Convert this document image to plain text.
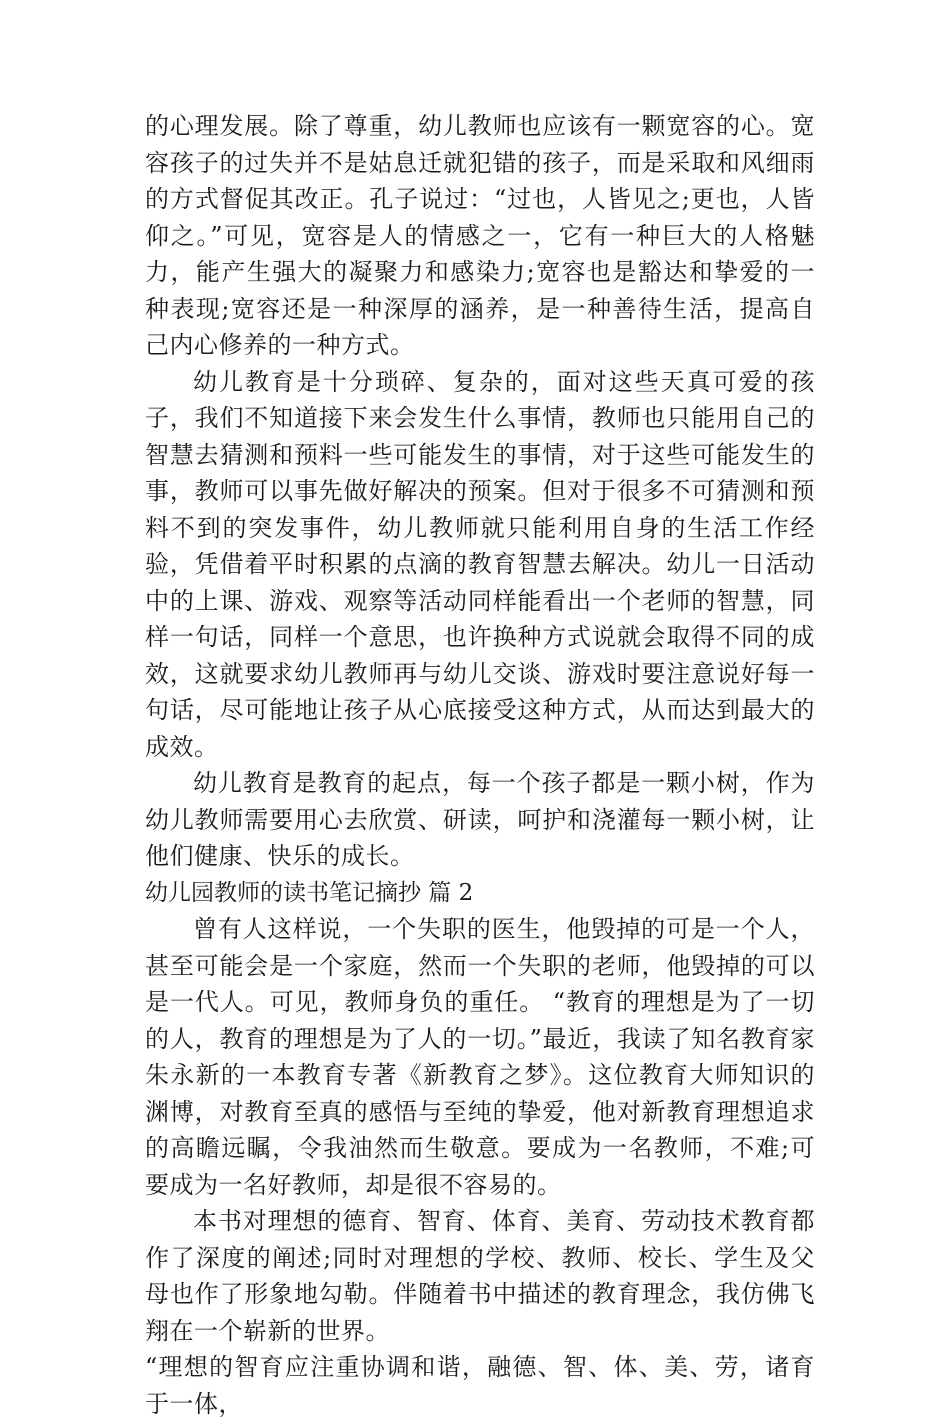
的心理发展。除了尊重，幼儿教师也应该有一颗宽容的心。宽容孩子的过失并不是姑息迁就犯错的孩子，而是采取和风细雨的方式督促其改正。孔子说过：“过也，人皆见之;更也，人皆仰之。”可见，宽容是人的情感之一，它有一种巨大的人格魅力，能产生强大的凝聚力和感染力;宽容也是豁达和挚爱的一种表现;宽容还是一种深厚的涵养，是一种善待生活，提高自己内心修养的一种方式。

幼儿教育是十分琐碎、复杂的，面对这些天真可爱的孩子，我们不知道接下来会发生什么事情，教师也只能用自己的智慧去猜测和预料一些可能发生的事情，对于这些可能发生的事，教师可以事先做好解决的预案。但对于很多不可猜测和预料不到的突发事件，幼儿教师就只能利用自身的生活工作经验，凭借着平时积累的点滴的教育智慧去解决。幼儿一日活动中的上课、游戏、观察等活动同样能看出一个老师的智慧，同样一句话，同样一个意思，也许换种方式说就会取得不同的成效，这就要求幼儿教师再与幼儿交谈、游戏时要注意说好每一句话，尽可能地让孩子从心底接受这种方式，从而达到最大的成效。

幼儿教育是教育的起点，每一个孩子都是一颗小树，作为幼儿教师需要用心去欣赏、研读，呵护和浇灌每一颗小树，让他们健康、快乐的成长。

幼儿园教师的读书笔记摘抄 篇 2

曾有人这样说，一个失职的医生，他毁掉的可是一个人，甚至可能会是一个家庭，然而一个失职的老师，他毁掉的可以是一代人。可见，教师身负的重任。 “教育的理想是为了一切的人，教育的理想是为了人的一切。”最近，我读了知名教育家朱永新的一本教育专著《新教育之梦》。这位教育大师知识的渊博，对教育至真的感悟与至纯的挚爱，他对新教育理想追求的高瞻远瞩，令我油然而生敬意。要成为一名教师，不难;可要成为一名好教师，却是很不容易的。

本书对理想的德育、智育、体育、美育、劳动技术教育都作了深度的阐述;同时对理想的学校、教师、校长、学生及父母也作了形象地勾勒。伴随着书中描述的教育理念，我仿佛飞翔在一个崭新的世界。

“理想的智育应注重协调和谐，融德、智、体、美、劳，诸育于一体，
